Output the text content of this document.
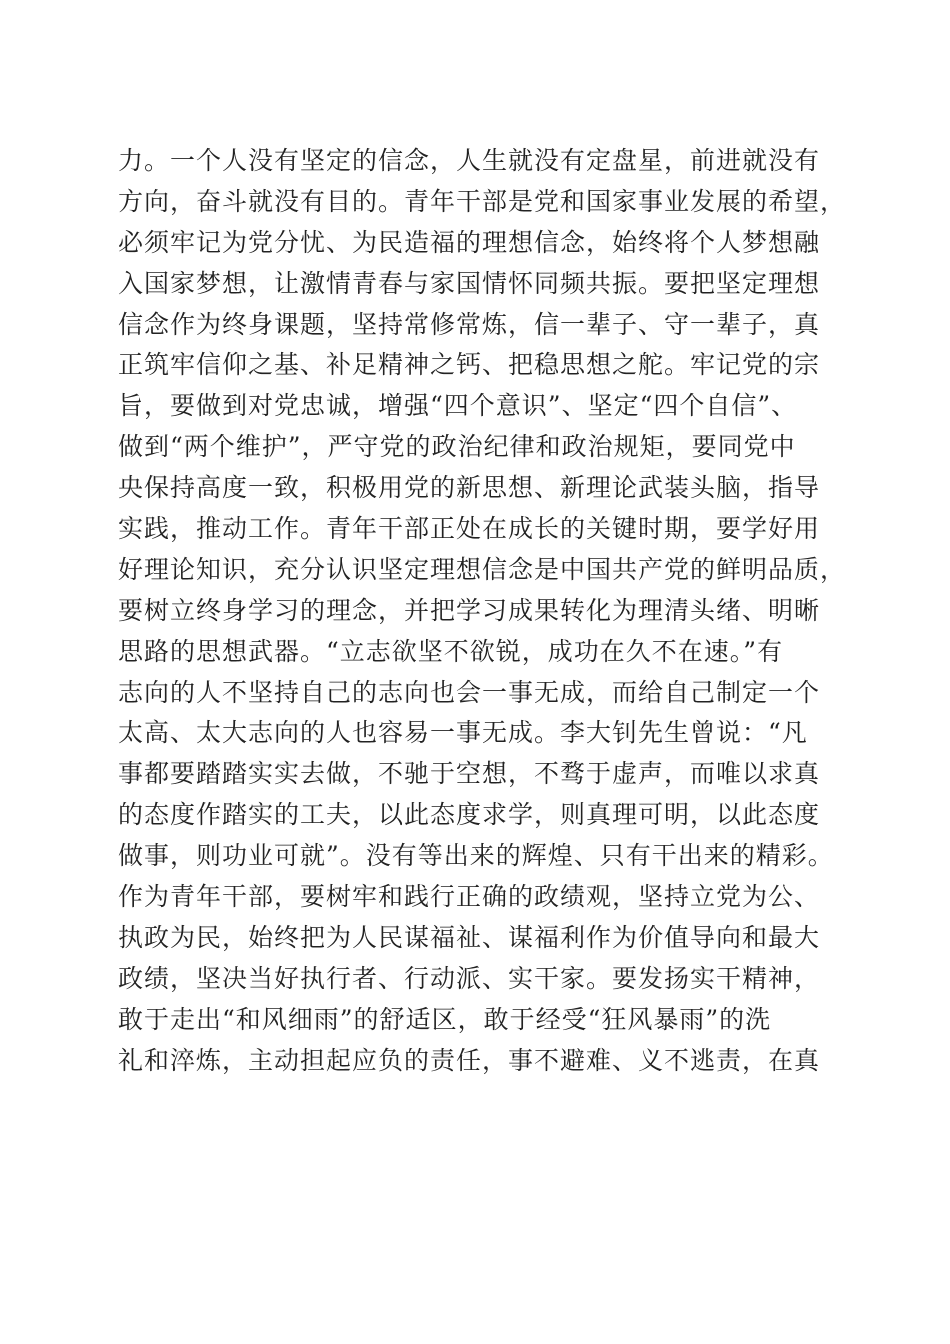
力。一个人没有坚定的信念，人生就没有定盘星，前进就没有
方向，奋斗就没有目的。青年干部是党和国家事业发展的希望，
必须牢记为党分忧、为民造福的理想信念，始终将个人梦想融
入国家梦想，让激情青春与家国情怀同频共振。要把坚定理想
信念作为终身课题，坚持常修常炼，信一辈子、守一辈子，真
正筑牢信仰之基、补足精神之钙、把稳思想之舵。牢记党的宗
旨，要做到对党忠诚，增强“四个意识”、坚定“四个自信”、
做到“两个维护”，严守党的政治纪律和政治规矩，要同党中
央保持高度一致，积极用党的新思想、新理论武装头脑，指导
实践，推动工作。青年干部正处在成长的关键时期，要学好用
好理论知识，充分认识坚定理想信念是中国共产党的鲜明品质，
要树立终身学习的理念，并把学习成果转化为理清头绪、明晰
思路的思想武器。“立志欲坚不欲锐，成功在久不在速。”有
志向的人不坚持自己的志向也会一事无成，而给自己制定一个
太高、太大志向的人也容易一事无成。李大钊先生曾说：“凡
事都要踏踏实实去做，不驰于空想，不骛于虚声，而唯以求真
的态度作踏实的工夫，以此态度求学，则真理可明，以此态度
做事，则功业可就”。没有等出来的辉煌、只有干出来的精彩。
作为青年干部，要树牢和践行正确的政绩观，坚持立党为公、
执政为民，始终把为人民谋福祉、谋福利作为价值导向和最大
政绩，坚决当好执行者、行动派、实干家。要发扬实干精神，
敢于走出“和风细雨”的舒适区，敢于经受“狂风暴雨”的洗
礼和淬炼，主动担起应负的责任，事不避难、义不逃责，在真
